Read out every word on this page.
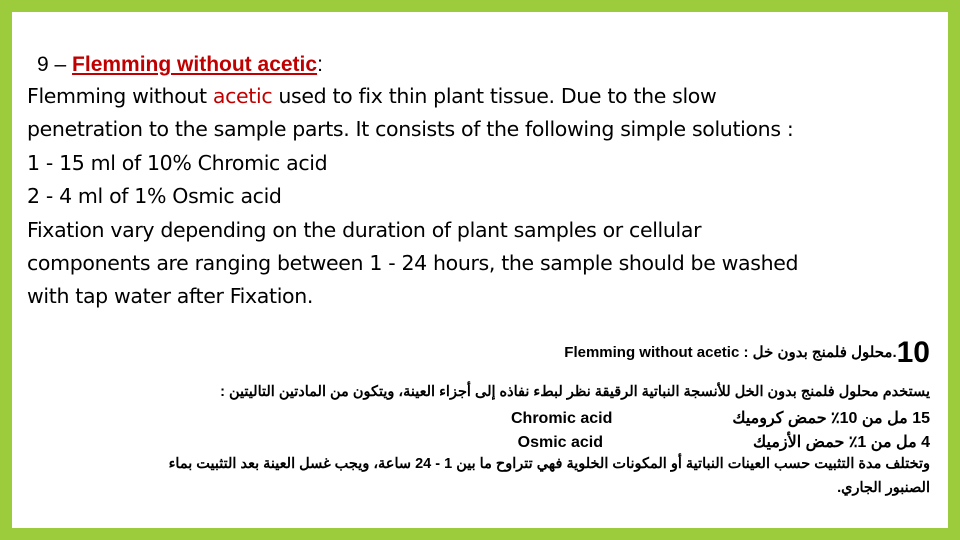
9 – Flemming without acetic:
Flemming without acetic used to fix thin plant tissue. Due to the slow
penetration to the sample parts. It consists of the following simple solutions :
1 - 15 ml of 10% Chromic acid
2 - 4 ml of 1% Osmic acid
Fixation vary depending on the duration of plant samples or cellular
components are ranging between 1 - 24 hours, the sample should be washed
with tap water after Fixation.
10.محلول فلمنج بدون خل Flemming without acetic :
يستخدم محلول فلمنج بدون الخل للأنسجة النباتية الرقيقة نظر لبطء نفاذه إلى أجزاء العينة، ويتكون من المادتين التاليتين :
15 مل من 10٪ حمض كروميكChromic acid
4 مل من 1٪ حمض الأزميكOsmic acid
وتختلف مدة التثبيت حسب العينات النباتية أو المكونات الخلوية فهي تتراوح ما بين 1 - 24 ساعة، ويجب غسل العينة بعد التثبيت بماء
الصنبور الجاري.
